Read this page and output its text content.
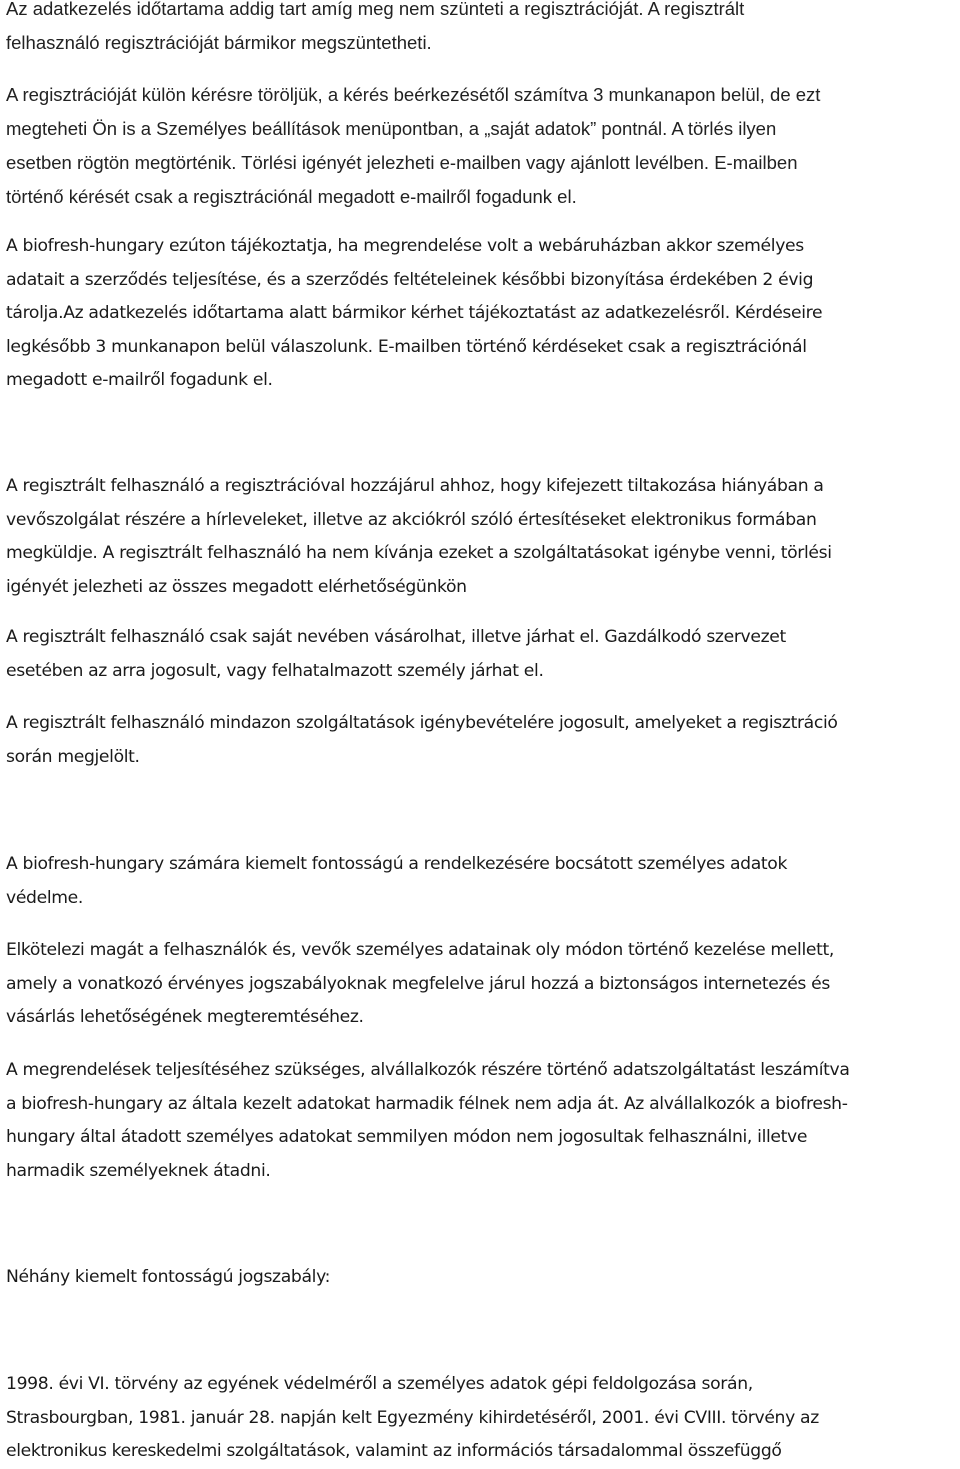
Az adatkezelés időtartama addig tart amíg meg nem szünteti a regisztrációját. A regisztrált
felhasználó regisztrációját bármikor megszüntetheti.

A regisztrációját külön kérésre töröljük, a kérés beérkezésétől számítva 3 munkanapon belül, de ezt
megteheti Ön is a Személyes beállítások menüpontban, a „saját adatok” pontnál. A törlés ilyen
esetben rögtön megtörténik. Törlési igényét jelezheti e-mailben vagy ajánlott levélben. E-mailben
történő kérését csak a regisztrációnál megadott e-mailről fogadunk el.

A biofresh-hungary ezúton tájékoztatja, ha megrendelése volt a webáruházban akkor személyes
adatait a szerződés teljesítése, és a szerződés feltételeinek későbbi bizonyítása érdekében 2 évig
tárolja.Az adatkezelés időtartama alatt bármikor kérhet tájékoztatást az adatkezelésről. Kérdéseire
legkésőbb 3 munkanapon belül válaszolunk. E-mailben történő kérdéseket csak a regisztrációnál
megadott e-mailről fogadunk el.

A regisztrált felhasználó a regisztrációval hozzájárul ahhoz, hogy kifejezett tiltakozása hiányában a
vevőszolgálat részére a hírleveleket, illetve az akciókról szóló értesítéseket elektronikus formában
megküldje. A regisztrált felhasználó ha nem kívánja ezeket a szolgáltatásokat igénybe venni, törlési
igényét jelezheti az összes megadott elérhetőségünkön

A regisztrált felhasználó csak saját nevében vásárolhat, illetve járhat el. Gazdálkodó szervezet
esetében az arra jogosult, vagy felhatalmazott személy járhat el.

A regisztrált felhasználó mindazon szolgáltatások igénybevételére jogosult, amelyeket a regisztráció
során megjelölt.

A biofresh-hungary számára kiemelt fontosságú a rendelkezésére bocsátott személyes adatok
védelme.

Elkötelezi magát a felhasználók és, vevők személyes adatainak oly módon történő kezelése mellett,
amely a vonatkozó érvényes jogszabályoknak megfelelve járul hozzá a biztonságos internetezés és
vásárlás lehetőségének megteremtéséhez.

A megrendelések teljesítéséhez szükséges, alvállalkozók részére történő adatszolgáltatást leszámítva
a biofresh-hungary az általa kezelt adatokat harmadik félnek nem adja át. Az alvállalkozók a biofresh-
hungary által átadott személyes adatokat semmilyen módon nem jogosultak felhasználni, illetve
harmadik személyeknek átadni.

Néhány kiemelt fontosságú jogszabály:

1998. évi VI. törvény az egyének védelméről a személyes adatok gépi feldolgozása során,
Strasbourgban, 1981. január 28. napján kelt Egyezmény kihirdetéséről, 2001. évi CVIII. törvény az
elektronikus kereskedelmi szolgáltatások, valamint az információs társadalommal összefüggő
